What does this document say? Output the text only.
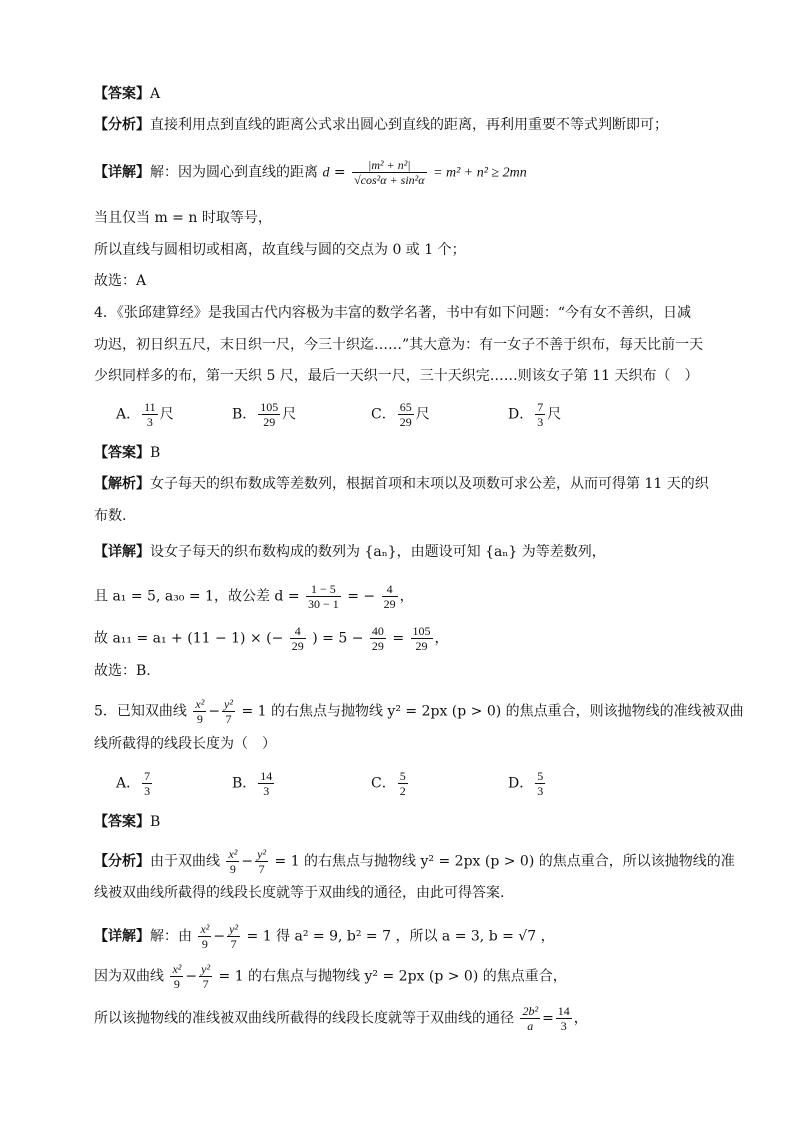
【答案】A
【分析】直接利用点到直线的距离公式求出圆心到直线的距离，再利用重要不等式判断即可；
【详解】解：因为圆心到直线的距离 $d = \frac{\text{|m² + n²|}}{\text{√cos²α + sin²α}} = m^2 + n^2 \ge 2mn$
当且仅当 m = n 时取等号，
所以直线与圆相切或相离，故直线与圆的交点为 0 或 1 个；
故选：A
4．《张邱建算经》是我国古代内容极为丰富的数学名著，书中有如下问题：“今有女不善织，日减
功迟，初日织五尺，末日织一尺，今三十织迄……”其大意为：有一女子不善于织布，每天比前一天
少织同样多的布，第一天织 5 尺，最后一天织一尺，三十天织完……则该女子第 11 天织布（　）
A． $\frac{11}{3}$ 尺	B． $\frac{105}{29}$ 尺	C． $\frac{65}{29}$ 尺	D． $\frac{7}{3}$ 尺
【答案】B
【解析】女子每天的织布数成等差数列，根据首项和末项以及项数可求公差，从而可得第 11 天的织
布数.
【详解】设女子每天的织布数构成的数列为 {aₙ}，由题设可知 {aₙ} 为等差数列，
且 a₁ = 5, a₃₀ = 1，故公差 $d = \frac{1 - 5}{30 - 1}$ = − $\frac{4}{29}$ ，
故 a₁₁ = a₁ + (11 − 1) × (− $\frac{4}{29}$ ) = $5 - \frac{40}{29} = \frac{105}{29}$ ，
故选：B.
5．已知双曲线 $\frac{\text{x²}}{9} - \frac{\text{y²}}{7} = 1$ 的右焦点与抛物线 y² = 2px (p > 0) 的焦点重合，则该抛物线的准线被双曲
线所截得的线段长度为（　）
A． $\frac{7}{3}$	B． $\frac{14}{3}$	C． $\frac{5}{2}$	D． $\frac{5}{3}$
【答案】B
【分析】由于双曲线 $\frac{\text{x²}}{9} - \frac{\text{y²}}{7} = 1$ 的右焦点与抛物线 y² = 2px (p > 0) 的焦点重合，所以该抛物线的准
线被双曲线所截得的线段长度就等于双曲线的通径，由此可得答案.
【详解】解：由 $\frac{\text{x²}}{9} - \frac{\text{y²}}{7} = 1$ 得 a² = 9, b² = 7 ，所以 a = 3, b = √7 ，
因为双曲线 $\frac{\text{x²}}{9} - \frac{\text{y²}}{7} = 1$ 的右焦点与抛物线 y² = 2px (p > 0) 的焦点重合，
所以该抛物线的准线被双曲线所截得的线段长度就等于双曲线的通径 $\frac{\text{2b²}}{a} = \frac{14}{3}$ ，
